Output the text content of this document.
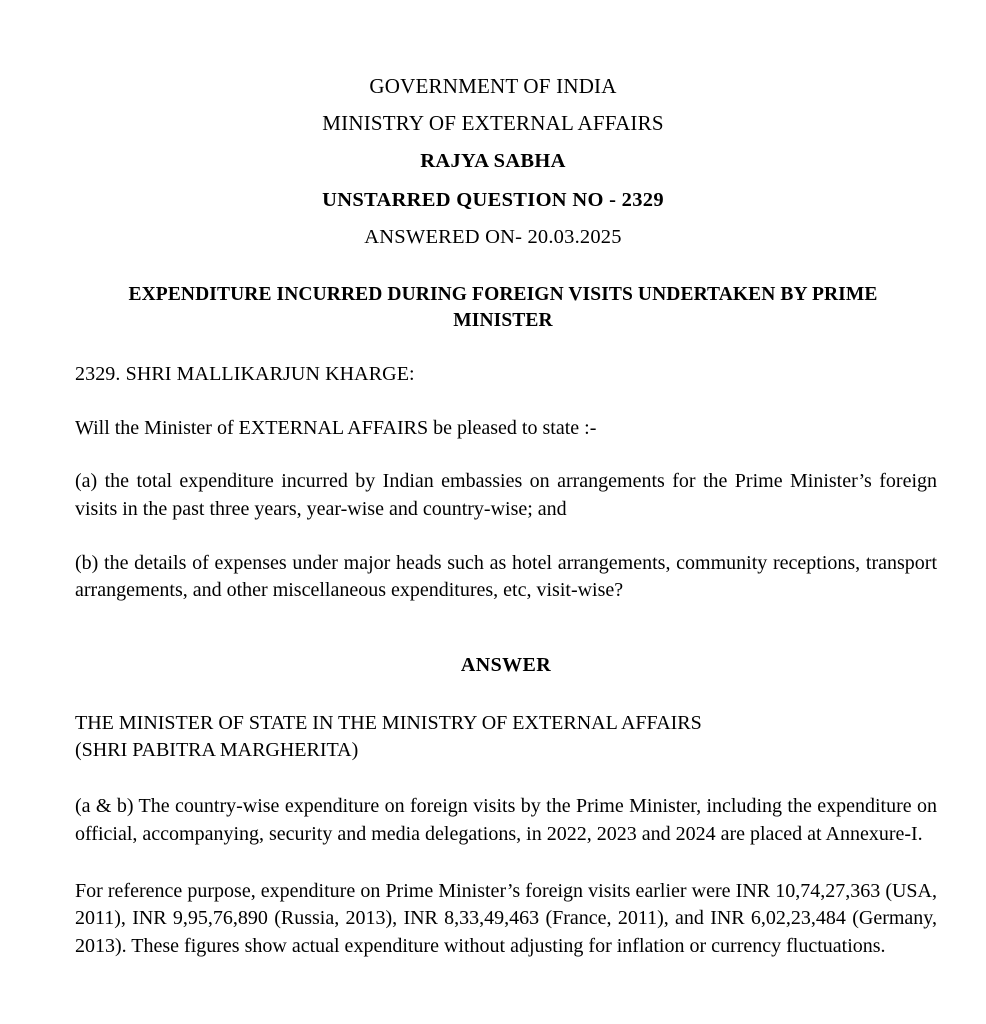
GOVERNMENT OF INDIA
MINISTRY OF EXTERNAL AFFAIRS
RAJYA SABHA
UNSTARRED QUESTION NO - 2329
ANSWERED ON- 20.03.2025
EXPENDITURE INCURRED DURING FOREIGN VISITS UNDERTAKEN BY PRIME MINISTER

2329. SHRI MALLIKARJUN KHARGE:

Will the Minister of EXTERNAL AFFAIRS be pleased to state :-

(a) the total expenditure incurred by Indian embassies on arrangements for the Prime Minister’s foreign visits in the past three years, year-wise and country-wise; and

(b) the details of expenses under major heads such as hotel arrangements, community receptions, transport arrangements, and other miscellaneous expenditures, etc, visit-wise?

ANSWER

THE MINISTER OF STATE IN THE MINISTRY OF EXTERNAL AFFAIRS
(SHRI PABITRA MARGHERITA)

(a & b) The country-wise expenditure on foreign visits by the Prime Minister, including the expenditure on official, accompanying, security and media delegations, in 2022, 2023 and 2024 are placed at Annexure-I.

For reference purpose, expenditure on Prime Minister’s foreign visits earlier were INR 10,74,27,363 (USA, 2011), INR 9,95,76,890 (Russia, 2013), INR 8,33,49,463 (France, 2011), and INR 6,02,23,484 (Germany, 2013). These figures show actual expenditure without adjusting for inflation or currency fluctuations.
